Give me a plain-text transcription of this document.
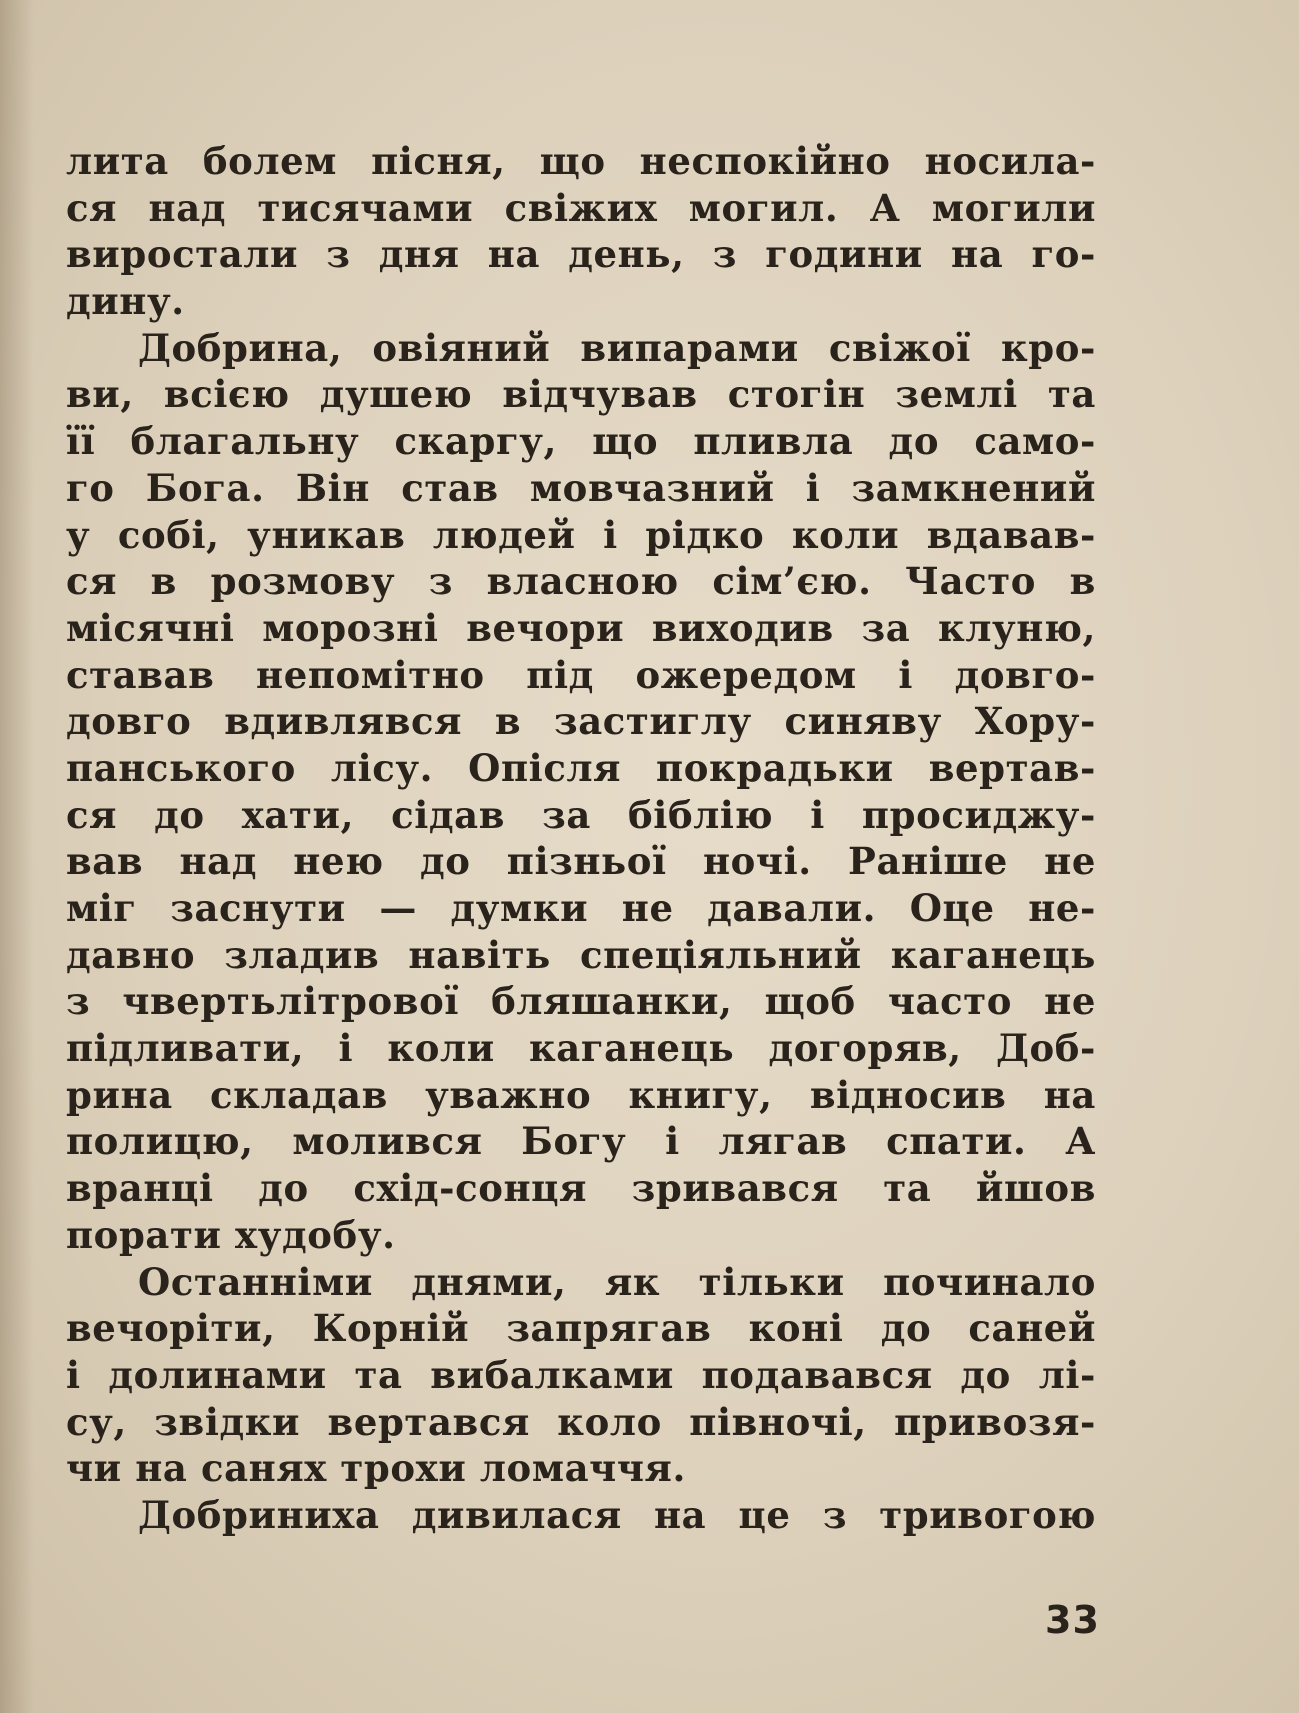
лита болем пісня, що неспокійно носила-
ся над тисячами свіжих могил. А могили
виростали з дня на день, з години на го-
дину.
Добрина, овіяний випарами свіжої кро-
ви, всією душею відчував стогін землі та
її благальну скаргу, що пливла до само-
го Бога. Він став мовчазний і замкнений
у собі, уникав людей і рідко коли вдавав-
ся в розмову з власною сім’єю. Часто в
місячні морозні вечори виходив за клуню,
ставав непомітно під ожередом і довго-
довго вдивлявся в застиглу синяву Хору-
панського лісу. Опісля покрадьки вертав-
ся до хати, сідав за біблію і просиджу-
вав над нею до пізньої ночі. Раніше не
міг заснути — думки не давали. Оце не-
давно зладив навіть спеціяльний каганець
з чвертьлітрової бляшанки, щоб часто не
підливати, і коли каганець догоряв, Доб-
рина складав уважно книгу, відносив на
полицю, молився Богу і лягав спати. А
вранці до схід-сонця зривався та йшов
порати худобу.
Останніми днями, як тільки починало
вечоріти, Корній запрягав коні до саней
і долинами та вибалками подавався до лі-
су, звідки вертався коло півночі, привозя-
чи на санях трохи ломаччя.
Добриниха дивилася на це з тривогою
33
